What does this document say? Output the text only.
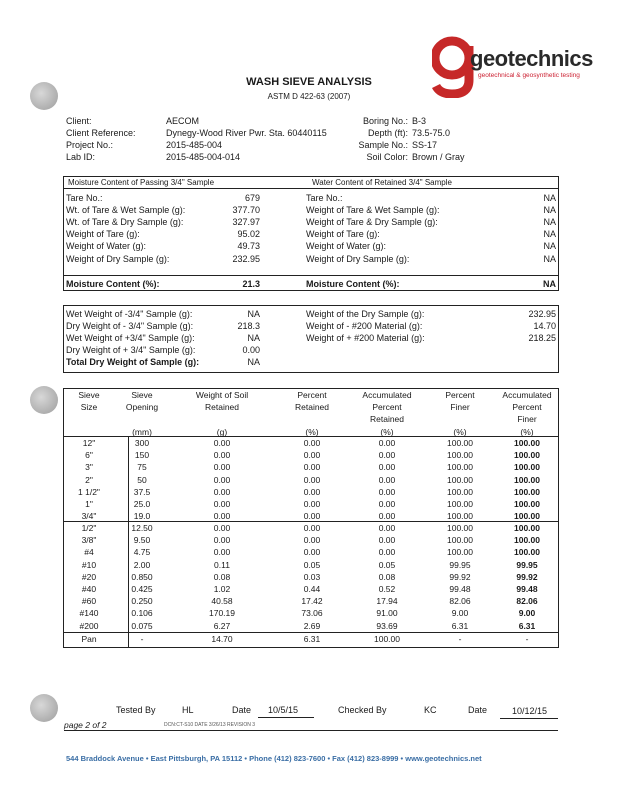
geotechnics
geotechnical & geosynthetic testing
WASH SIEVE ANALYSIS
ASTM D 422-63 (2007)
Client:	AECOM
Client Reference:	Dynegy-Wood River Pwr. Sta. 60440115
Project No.:	2015-485-004
Lab ID:	2015-485-004-014
Boring No.: B-3
Depth (ft): 73.5-75.0
Sample No.: SS-17
Soil Color: Brown / Gray
Moisture Content of Passing 3/4" Sample	Water Content of Retained 3/4" Sample
Tare No.:	679
Wt. of Tare & Wet Sample (g):	377.70
Wt. of Tare & Dry Sample (g):	327.97
Weight of Tare (g):	95.02
Weight of Water (g):	49.73
Weight of Dry Sample (g):	232.95
Tare No.:	NA
Weight of Tare & Wet Sample (g):	NA
Weight of Tare & Dry Sample (g):	NA
Weight of Tare (g):	NA
Weight of Water (g):	NA
Weight of Dry Sample (g):	NA
Moisture Content (%):	21.3	Moisture Content (%):	NA
Wet Weight of -3/4" Sample (g):	NA
Dry Weight of - 3/4" Sample (g):	218.3
Wet Weight of +3/4" Sample (g):	NA
Dry Weight of + 3/4" Sample (g):	0.00
Total Dry Weight of Sample (g):	NA
Weight of the Dry Sample (g):	232.95
Weight of - #200 Material (g):	14.70
Weight of + #200 Material (g):	218.25
Sieve	Sieve	Weight of Soil	Percent	Accumulated	Percent	Accumulated
Size	Opening	Retained	Retained	Percent	Finer	Percent
				Retained		Finer
	(mm)	(g)	(%)	(%)	(%)	(%)
12"	300	0.00	0.00	0.00	100.00	100.00
6"	150	0.00	0.00	0.00	100.00	100.00
3"	75	0.00	0.00	0.00	100.00	100.00
2"	50	0.00	0.00	0.00	100.00	100.00
1 1/2"	37.5	0.00	0.00	0.00	100.00	100.00
1"	25.0	0.00	0.00	0.00	100.00	100.00
3/4"	19.0	0.00	0.00	0.00	100.00	100.00
1/2"	12.50	0.00	0.00	0.00	100.00	100.00
3/8"	9.50	0.00	0.00	0.00	100.00	100.00
#4	4.75	0.00	0.00	0.00	100.00	100.00
#10	2.00	0.11	0.05	0.05	99.95	99.95
#20	0.850	0.08	0.03	0.08	99.92	99.92
#40	0.425	1.02	0.44	0.52	99.48	99.48
#60	0.250	40.58	17.42	17.94	82.06	82.06
#140	0.106	170.19	73.06	91.00	9.00	9.00
#200	0.075	6.27	2.69	93.69	6.31	6.31
Pan	-	14.70	6.31	100.00	-	-
Tested By	HL	Date 10/5/15	Checked By	KC	Date	10/12/15
page 2 of 2	DCN:CT-S10 DATE 3/26/13 REVISION 3
544 Braddock Avenue • East Pittsburgh, PA 15112 • Phone (412) 823-7600 • Fax (412) 823-8999 • www.geotechnics.net
